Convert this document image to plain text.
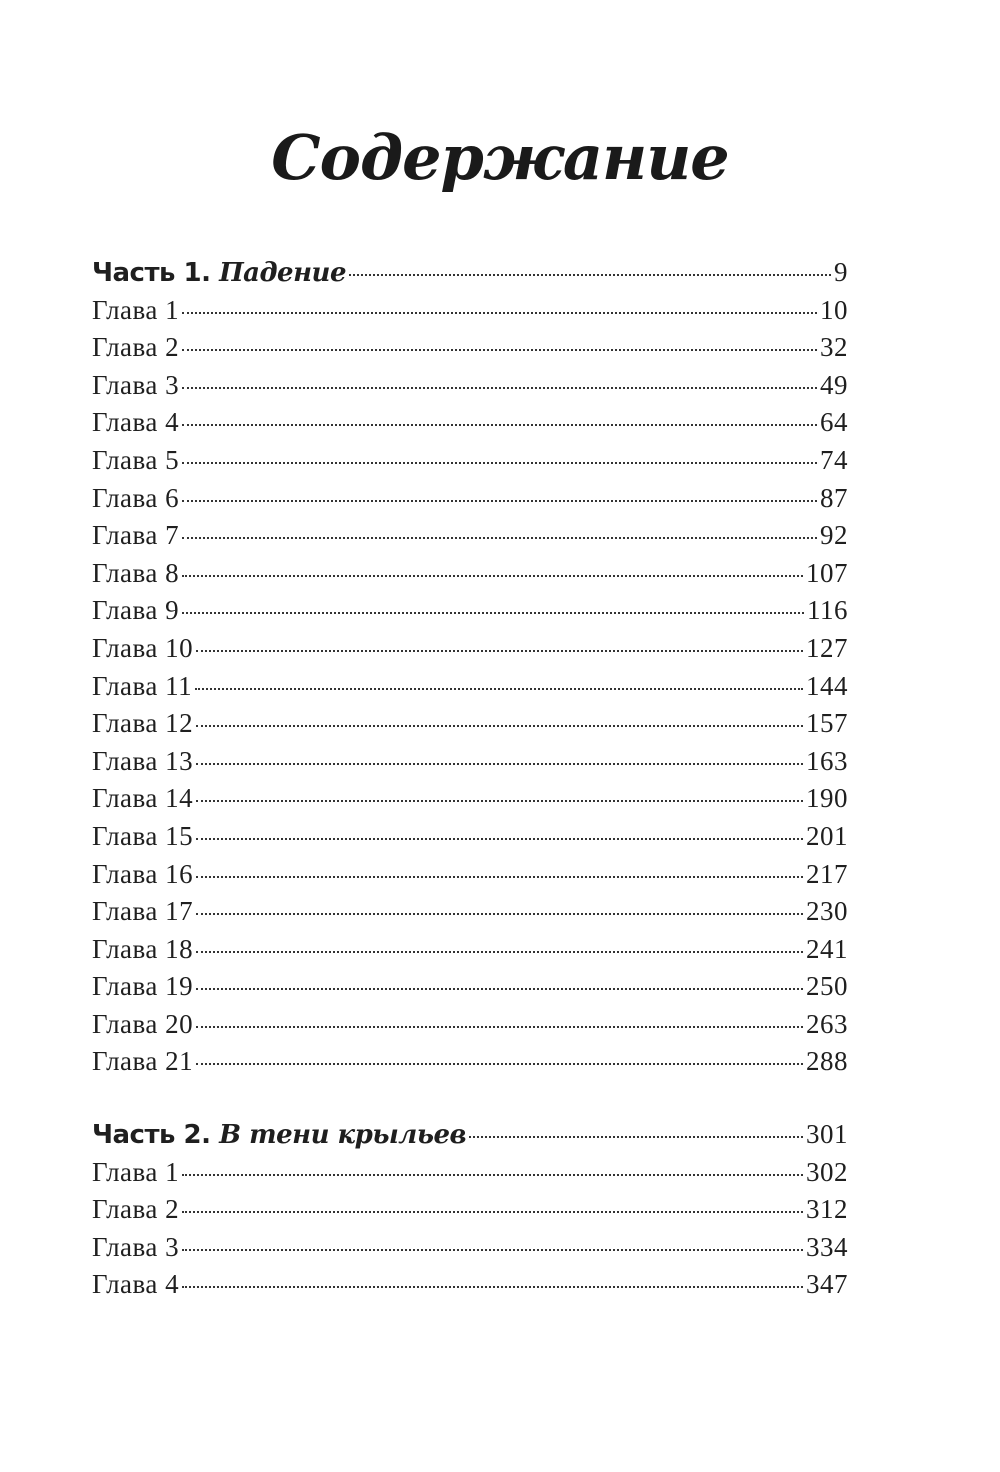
Содержание
Часть 1. Падение	9
Глава 1	10
Глава 2	32
Глава 3	49
Глава 4	64
Глава 5	74
Глава 6	87
Глава 7	92
Глава 8	107
Глава 9	116
Глава 10	127
Глава 11	144
Глава 12	157
Глава 13	163
Глава 14	190
Глава 15	201
Глава 16	217
Глава 17	230
Глава 18	241
Глава 19	250
Глава 20	263
Глава 21	288
Часть 2. В тени крыльев	301
Глава 1	302
Глава 2	312
Глава 3	334
Глава 4	347
